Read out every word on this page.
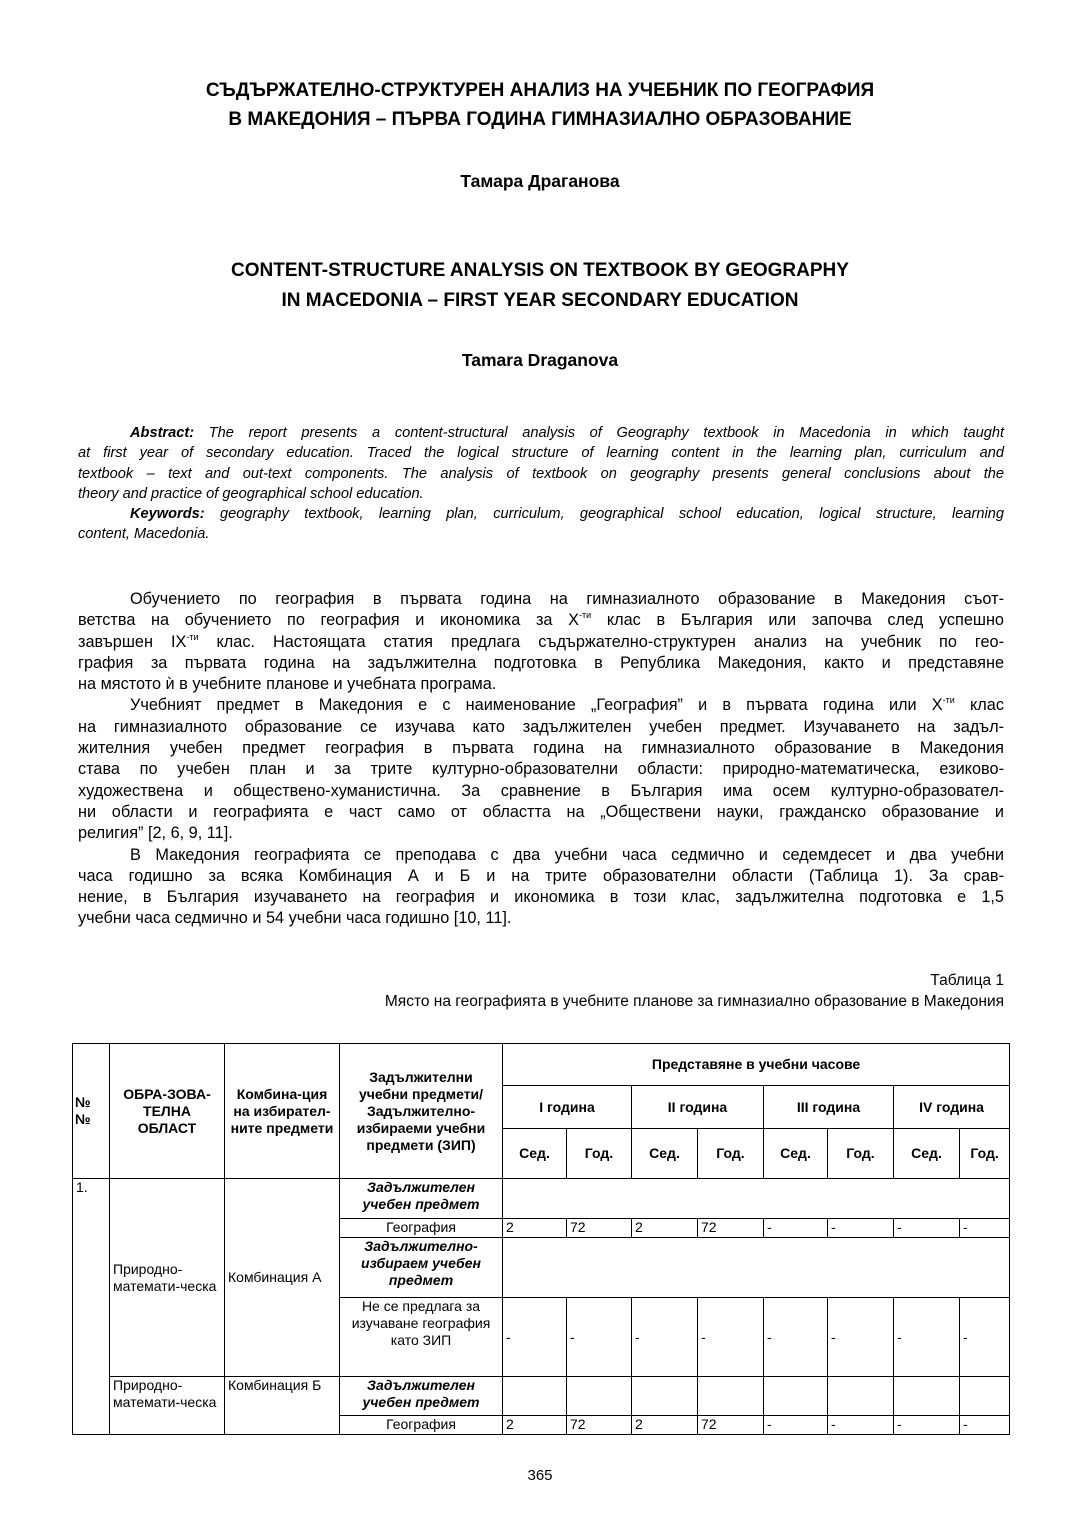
СЪДЪРЖАТЕЛНО-СТРУКТУРЕН АНАЛИЗ НА УЧЕБНИК ПО ГЕОГРАФИЯ
В МАКЕДОНИЯ – ПЪРВА ГОДИНА ГИМНАЗИАЛНО ОБРАЗОВАНИЕ
Тамара Драганова
CONTENT-STRUCTURE ANALYSIS ON TEXTBOOK BY GEOGRAPHY
IN MACEDONIA – FIRST YEAR SECONDARY EDUCATION
Tamara Draganova
Abstract: The report presents a content-structural analysis of Geography textbook in Macedonia in which taught
at first year of secondary education. Traced the logical structure of learning content in the learning plan, curriculum and
textbook – text and out-text components. The analysis of textbook on geography presents general conclusions about the
theory and practice of geographical school education.
Keywords: geography textbook, learning plan, curriculum, geographical school education, logical structure, learning
content, Macedonia.
Обучението по география в първата година на гимназиалното образование в Македония съот-
ветства на обучението по география и икономика за $X^{-ти}$ клас в България или започва след успешно
завършен $IX^{-ти}$ клас. Настоящата статия предлага съдържателно-структурен анализ на учебник по гео-
графия за първата година на задължителна подготовка в Република Македония, както и представяне
на мястото ѝ в учебните планове и учебната програма.
Учебният предмет в Македония е с наименование „География” и в първата година или $X^{-ти}$ клас
на гимназиалното образование се изучава като задължителен учебен предмет. Изучаването на задъл-
жителния учебен предмет география в първата година на гимназиалното образование в Македония
става по учебен план и за трите културно-образователни области: природно-математическа, езиково-
художествена и обществено-хуманистична. За сравнение в България има осем културно-образовател-
ни области и географията е част само от областта на „Обществени науки, гражданско образование и
религия” [2, 6, 9, 11].
В Македония географията се преподава с два учебни часа седмично и седемдесет и два учебни
часа годишно за всяка Комбинация А и Б и на трите образователни области (Таблица 1). За срав-
нение, в България изучаването на география и икономика в този клас, задължителна подготовка е 1,5
учебни часа седмично и 54 учебни часа годишно [10, 11].
Таблица 1
Място на географията в учебните планове за гимназиално образование в Македония
№ №	ОБРА-ЗОВА-ТЕЛНА ОБЛАСТ	Комбина-ция на избирател-ните предмети	Задължителни учебни предмети/ Задължително-избираеми учебни предмети (ЗИП)	Представяне в учебни часове							
				I година		II година		III година		IV година	
				Сед.	Год.	Сед.	Год.	Сед.	Год.	Сед.	Год.
1.	Природно-математи-ческа	Комбинация А	Задължителен учебен предмет								
			География	2	72	2	72	-	-	-	-
			Задължително-избираем учебен предмет								
			Не се предлага за изучаване география като ЗИП	-	-	-	-	-	-	-	-
	Природно-математи-ческа	Комбинация Б	Задължителен учебен предмет								
			География	2	72	2	72	-	-	-	-
365
